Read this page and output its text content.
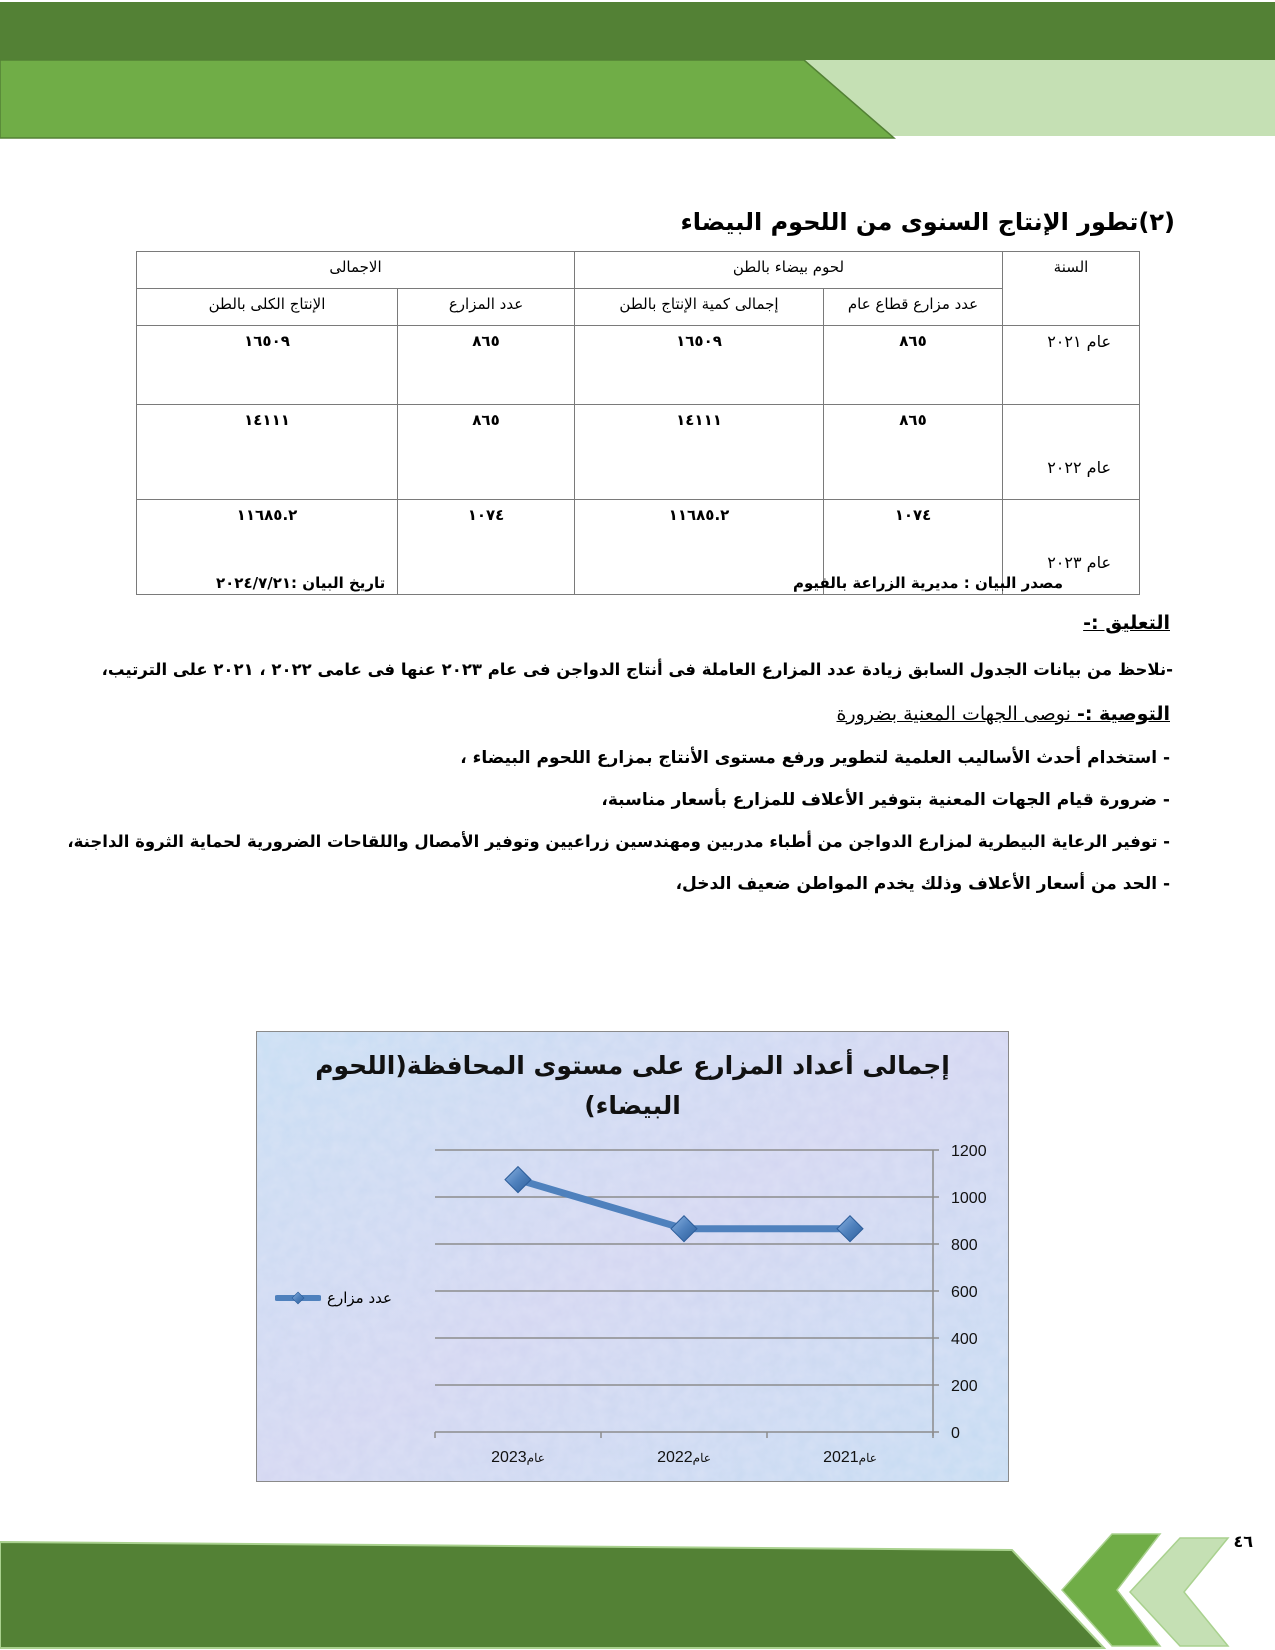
(٢)تطور الإنتاج السنوى من اللحوم البيضاء
السنة	لحوم بيضاء بالطن		الاجمالى	
	عدد مزارع قطاع عام	إجمالى كمية الإنتاج بالطن	عدد المزارع	الإنتاج الكلى بالطن
عام ٢٠٢١	٨٦٥	١٦٥٠٩	٨٦٥	١٦٥٠٩
عام ٢٠٢٢	٨٦٥	١٤١١١	٨٦٥	١٤١١١
عام ٢٠٢٣	١٠٧٤	١١٦٨٥.٢	١٠٧٤	١١٦٨٥.٢
مصدر البيان : مديرية الزراعة بالفيوم
تاريخ البيان :٢٠٢٤/٧/٢١
التعليق :-
-نلاحظ من بيانات الجدول السابق زيادة عدد المزارع العاملة فى أنتاج الدواجن فى عام ٢٠٢٣ عنها فى عامى ٢٠٢٢ ، ٢٠٢١ على الترتيب،
التوصية :- نوصى الجهات المعنية بضرورة
- استخدام أحدث الأساليب العلمية لتطوير ورفع مستوى الأنتاج بمزارع اللحوم البيضاء ،
- ضرورة قيام الجهات المعنية بتوفير الأعلاف للمزارع بأسعار مناسبة،
- توفير الرعاية البيطرية لمزارع الدواجن من أطباء مدربين ومهندسين زراعيين وتوفير الأمصال واللقاحات الضرورية لحماية الثروة الداجنة،
- الحد من أسعار الأعلاف وذلك يخدم المواطن ضعيف الدخل،
إجمالى أعداد المزارع على مستوى المحافظة(اللحوم
البيضاء)
0
200
400
600
800
1000
1200
2021عام
2022عام
2023عام
عدد مزارع
٤٦
